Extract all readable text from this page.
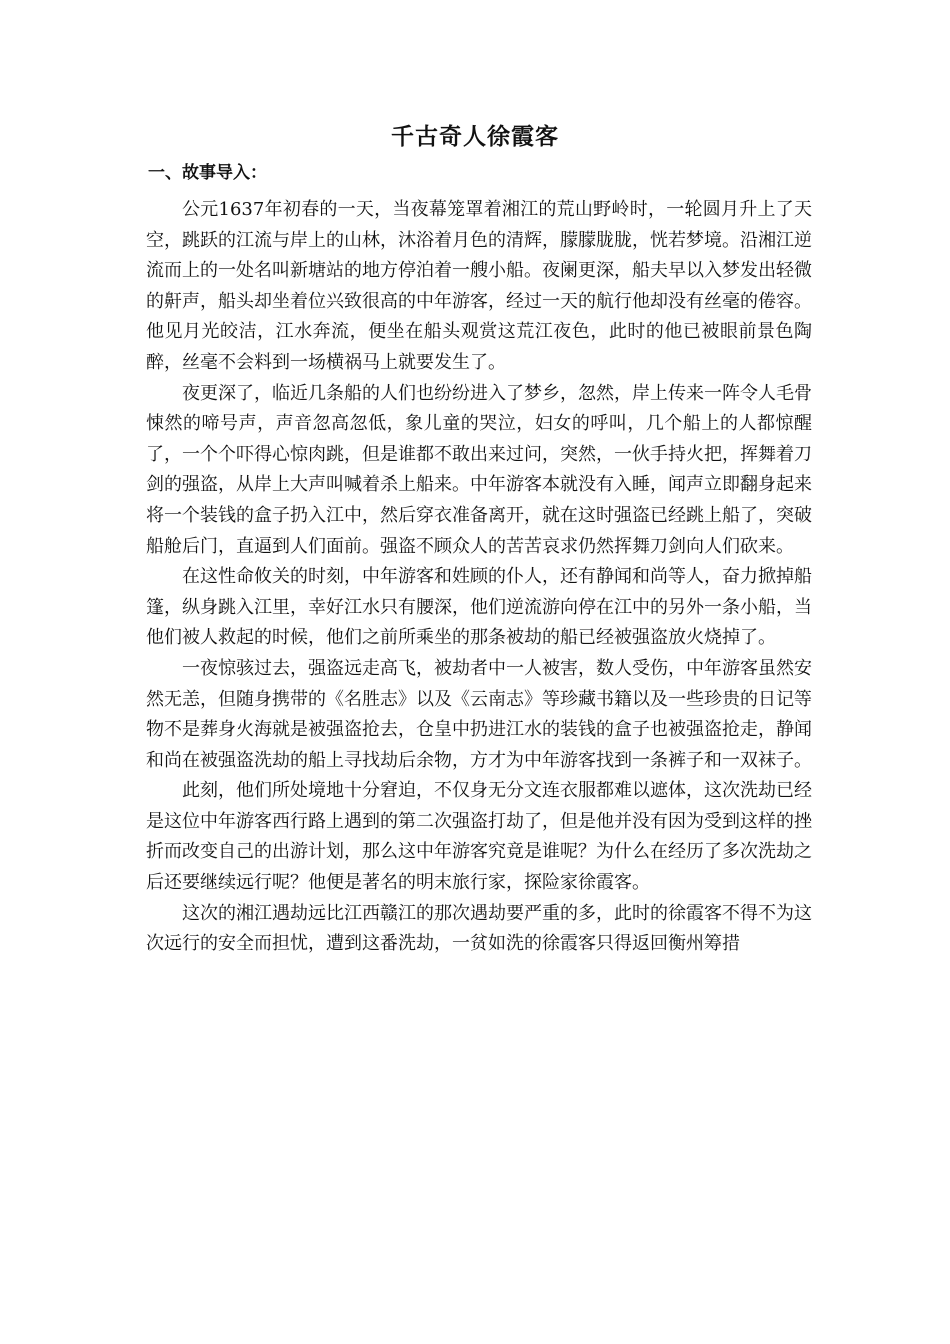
千古奇人徐霞客
一、故事导入：

公元1637年初春的一天，当夜幕笼罩着湘江的荒山野岭时，一轮圆月升上了天空，跳跃的江流与岸上的山林，沐浴着月色的清辉，朦朦胧胧，恍若梦境。沿湘江逆流而上的一处名叫新塘站的地方停泊着一艘小船。夜阑更深，船夫早以入梦发出轻微的鼾声，船头却坐着位兴致很高的中年游客，经过一天的航行他却没有丝毫的倦容。他见月光皎洁，江水奔流，便坐在船头观赏这荒江夜色，此时的他已被眼前景色陶醉，丝毫不会料到一场横祸马上就要发生了。

夜更深了，临近几条船的人们也纷纷进入了梦乡，忽然，岸上传来一阵令人毛骨悚然的啼号声，声音忽高忽低，象儿童的哭泣，妇女的呼叫，几个船上的人都惊醒了，一个个吓得心惊肉跳，但是谁都不敢出来过问，突然，一伙手持火把，挥舞着刀剑的强盗，从岸上大声叫喊着杀上船来。中年游客本就没有入睡，闻声立即翻身起来将一个装钱的盒子扔入江中，然后穿衣准备离开，就在这时强盗已经跳上船了，突破船舱后门，直逼到人们面前。强盗不顾众人的苦苦哀求仍然挥舞刀剑向人们砍来。

在这性命攸关的时刻，中年游客和姓顾的仆人，还有静闻和尚等人，奋力掀掉船篷，纵身跳入江里，幸好江水只有腰深，他们逆流游向停在江中的另外一条小船，当他们被人救起的时候，他们之前所乘坐的那条被劫的船已经被强盗放火烧掉了。

一夜惊骇过去，强盗远走高飞，被劫者中一人被害，数人受伤，中年游客虽然安然无恙，但随身携带的《名胜志》以及《云南志》等珍藏书籍以及一些珍贵的日记等物不是葬身火海就是被强盗抢去，仓皇中扔进江水的装钱的盒子也被强盗抢走，静闻和尚在被强盗洗劫的船上寻找劫后余物，方才为中年游客找到一条裤子和一双袜子。

此刻，他们所处境地十分窘迫，不仅身无分文连衣服都难以遮体，这次洗劫已经是这位中年游客西行路上遇到的第二次强盗打劫了，但是他并没有因为受到这样的挫折而改变自己的出游计划，那么这中年游客究竟是谁呢？为什么在经历了多次洗劫之后还要继续远行呢？他便是著名的明末旅行家，探险家徐霞客。

这次的湘江遇劫远比江西赣江的那次遇劫要严重的多，此时的徐霞客不得不为这次远行的安全而担忧，遭到这番洗劫，一贫如洗的徐霞客只得返回衡州筹措
